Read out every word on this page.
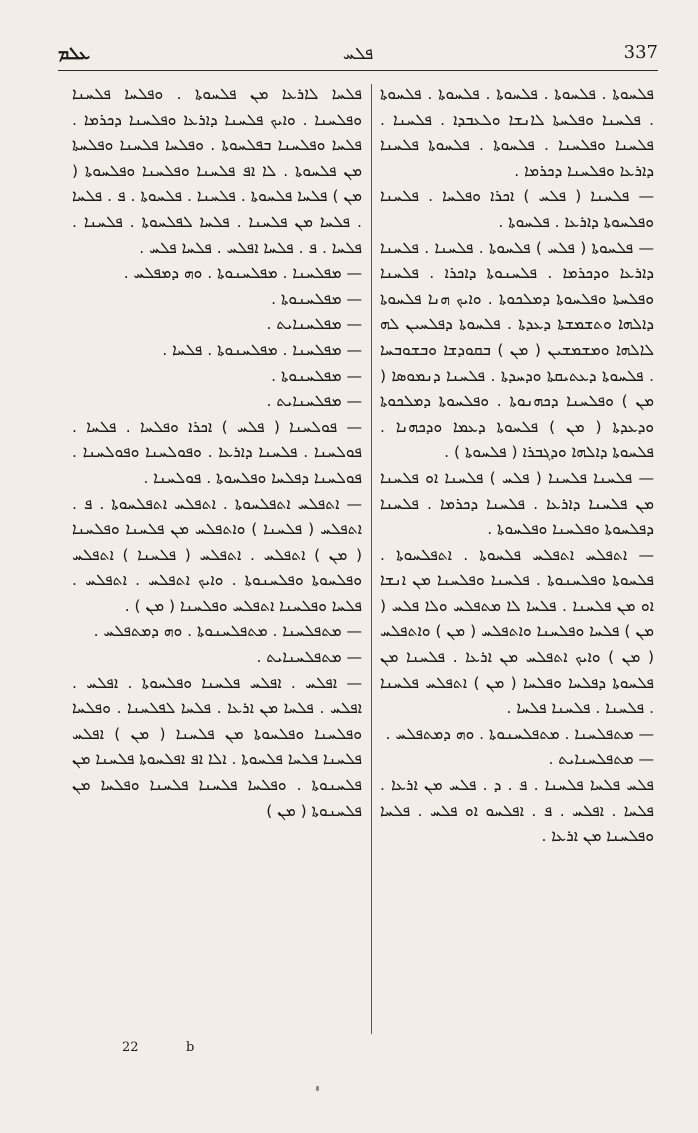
ܥܠܡ	ܦܠܚ	337

ܦܠܚܘܬܐ . ܦܠܚܘܬܐ . ܦܠܚܘܬܐ . ܦܠܚܘܬܐ . ܦܠܚܘܬܐ . ܦܠܚܢܐ ܘܦܠܚܬܐ ܠܐܢܫܐ ܘܠܥܒܕܐ . ܦܠܚܢܐ . ܦܠܚܢܐ ܘܦܠܚܢܐ . ܦܠܚܘܬܐ . ܦܠܚܘܬܐ ܦܠܚܢܐ ܕܐܪܥܐ ܘܦܠܚܢܐ ܕܟܪܡܐ .

— ܦܠܚܢܐ ( ܦܠܚ ) ܐܟܪܐ ܘܦܠܚܐ . ܦܠܚܢܐ ܘܦܠܚܘܬܐ ܕܐܪܥܐ . ܦܠܚܘܬܐ .

— ܦܠܚܘܬܐ ( ܦܠܚ ) ܦܠܚܘܬܐ . ܦܠܚܢܐ . ܦܠܚܢܐ ܕܐܪܥܐ ܘܕܟܪܡܐ . ܦܠܚܢܘܬܐ ܕܐܟܪܐ . ܦܠܚܢܐ ܘܦܠܚܬܐ ܘܦܠܚܘܬܐ ܕܡܠܟܘܬܐ . ܘܐܝܟ ܗܢܐ ܦܠܚܘܬܐ ܕܐܠܗܐ ܘܬܫܡܫܬܐ ܕܥܕܬܐ . ܦܠܚܘܬܐ ܕܦܠܚܝܢ ܠܗ ܠܐܠܗܐ ܘܡܫܡܫܝܢ ( ܡܢ ) ܒܩܘܕܫܐ ܘܒܫܘܒܚܐ . ܦܠܚܘܬܐ ܕܥܬܝܩܬܐ ܘܕܚܕܬܐ . ܦܠܚܢܐ ܕܢܡܘܣܐ ( ܡܢ ) ܘܦܠܚܢܐ ܕܟܗܢܘܬܐ . ܘܦܠܚܘܬܐ ܕܡܠܟܘܬܐ ܘܕܥܕܬܐ ( ܡܢ ) ܦܠܚܘܬܐ ܕܥܡܐ ܘܕܟܗܢܐ . ܦܠܚܘܬܐ ܕܐܠܗܐ ܘܕܓܒܪܐ ( ܦܠܚܘܬܐ ) .

— ܦܠܚܢܐ ܦܠܚܢܐ ( ܦܠܚ ) ܦܠܚܢܐ ܐܘ ܦܠܚܢܐ ܡܢ ܦܠܚܢܐ ܕܐܪܥܐ . ܦܠܚܢܐ ܕܟܪܡܐ . ܦܠܚܢܐ ܕܦܠܚܘܬܐ ܘܦܠܚܢܐ ܘܦܠܚܘܬܐ .

— ܐܬܦܠܚ ܐܬܦܠܚ ܦܠܚܘܬܐ . ܐܬܦܠܚܘܬܐ . ܦܠܚܘܬܐ ܘܦܠܚܢܘܬܐ . ܦܠܚܢܐ ܘܦܠܚܢܐ ܡܢ ܐܢܫܐ ܐܘ ܡܢ ܦܠܚܢܐ . ܦܠܚܐ ܠܐ ܡܬܦܠܚ ܘܠܐ ܦܠܚ ( ܡܢ ) ܦܠܚܐ ܘܦܠܚܢܐ ܘܐܬܦܠܚ ( ܡܢ ) ܘܐܬܦܠܚ ( ܡܢ ) ܘܐܝܟ ܐܬܦܠܚ ܡܢ ܐܪܥܐ . ܦܠܚܢܐ ܡܢ ܦܠܚܘܬܐ ܕܦܠܚܐ ܘܦܠܚܐ ( ܡܢ ) ܐܬܦܠܚ ܦܠܚܢܐ . ܦܠܚܢܐ . ܦܠܚܢܐ ܦܠܚܐ .

— ܡܬܦܠܚܢܐ . ܡܬܦܠܚܢܘܬܐ . ܘܗ ܕܡܬܦܠܚ .

— ܡܬܦܠܚܢܐܝܬ .

ܦܠܚ ܦܠܚܐ ܦܠܚܢܐ . ܦ . ܕ . ܦܠܚ ܡܢ ܐܪܥܐ . ܦܠܚܐ . ܐܦܠܚ . ܦ . ܐܦܠܚܘ ܐܘ ܦܠܚ . ܦܠܚܐ ܘܦܠܚܢܐ ܡܢ ܐܪܥܐ .

ܦܠܚܐ ܠܐܪܥܐ ܡܢ ܦܠܚܘܬܐ . ܘܦܠܚܐ ܦܠܚܢܐ ܘܦܠܚܢܐ . ܘܐܝܟ ܦܠܚܢܐ ܕܐܪܥܐ ܘܦܠܚܢܐ ܕܟܪܡܐ . ܦܠܚܐ ܘܦܠܚܢܐ ܒܦܠܚܘܬܐ . ܘܦܠܚܐ ܦܠܚܢܐ ܘܦܠܚܬܐ ܡܢ ܦܠܚܘܬܐ . ܠܐ ܐܦ ܦܠܚܢܐ ܘܦܠܚܢܐ ܘܦܠܚܘܬܐ ( ܡܢ ) ܦܠܚܐ ܦܠܚܘܬܐ . ܦܠܚܢܐ . ܦܠܚܘܬܐ . ܦ . ܦܠܚܐ . ܦܠܚܐ ܡܢ ܦܠܚܢܐ . ܦܠܚܐ ܠܦܠܚܘܬܐ . ܦܠܚܢܐ . ܦܠܚܐ . ܦ . ܦܠܚܐ ܐܦܠܚ . ܦܠܚܐ ܦܠܚ .

— ܡܦܠܚܢܐ . ܡܦܠܚܢܘܬܐ . ܘܗ ܕܡܦܠܚ .

— ܡܦܠܚܢܘܬܐ .

— ܡܦܠܚܢܐܝܬ .

— ܡܦܠܚܢܐ . ܡܦܠܚܢܘܬܐ . ܦܠܚܐ .

— ܡܦܠܚܢܘܬܐ .

— ܡܦܠܚܢܐܝܬ .

— ܦܘܠܚܢܐ ( ܦܠܚ ) ܐܟܪܐ ܘܦܠܚܐ . ܦܠܚܐ . ܦܘܠܚܢܐ . ܦܠܚܢܐ ܕܐܪܥܐ . ܘܦܘܠܚܢܐ ܘܦܘܠܚܢܐ . ܦܘܠܚܢܐ ܕܦܠܚܐ ܘܦܠܚܘܬܐ . ܦܘܠܚܢܐ .

— ܐܬܦܠܚ ܐܬܦܠܚܘܬܐ . ܐܬܦܠܚ ܐܬܦܠܚܘܬܐ . ܦ . ܐܬܦܠܚ ( ܦܠܚܢܐ ) ܘܐܬܦܠܚ ܡܢ ܦܠܚܢܐ ܘܦܠܚܢܐ ( ܡܢ ) ܐܬܦܠܚ . ܐܬܦܠܚ ( ܦܠܚܢܐ ) ܐܬܦܠܚ ܘܦܠܚܘܬܐ ܘܦܠܚܢܘܬܐ . ܘܐܝܟ ܐܬܦܠܚ . ܐܬܦܠܚ . ܦܠܚܐ ܘܦܠܚܢܐ ܐܬܦܠܚ ܘܦܠܚܢܐ ( ܡܢ ) .

— ܡܬܦܠܚܢܐ . ܡܬܦܠܚܢܘܬܐ . ܘܗ ܕܡܬܦܠܚ .

— ܡܬܦܠܚܢܐܝܬ .

— ܐܦܠܚ . ܐܦܠܚ ܦܠܚܢܐ ܘܦܠܚܘܬܐ . ܐܦܠܚ . ܐܦܠܚ . ܦܠܚܐ ܡܢ ܐܪܥܐ . ܦܠܚܐ ܠܦܠܚܢܐ . ܘܦܠܚܐ ܘܦܠܚܢܐ ܘܦܠܚܘܬܐ ܡܢ ܦܠܚܢܐ ( ܡܢ ) ܐܦܠܚ ܦܠܚܢܐ ܦܠܚܐ ܦܠܚܘܬܐ . ܐܠܐ ܐܦ ܐܦܠܚܘܬܐ ܦܠܚܢܐ ܡܢ ܦܠܚܢܘܬܐ . ܘܦܠܚܐ ܦܠܚܢܐ ܦܠܚܢܐ ܘܦܠܚܐ ܡܢ ܦܠܚܢܘܬܐ ( ܡܢ )

22	b
